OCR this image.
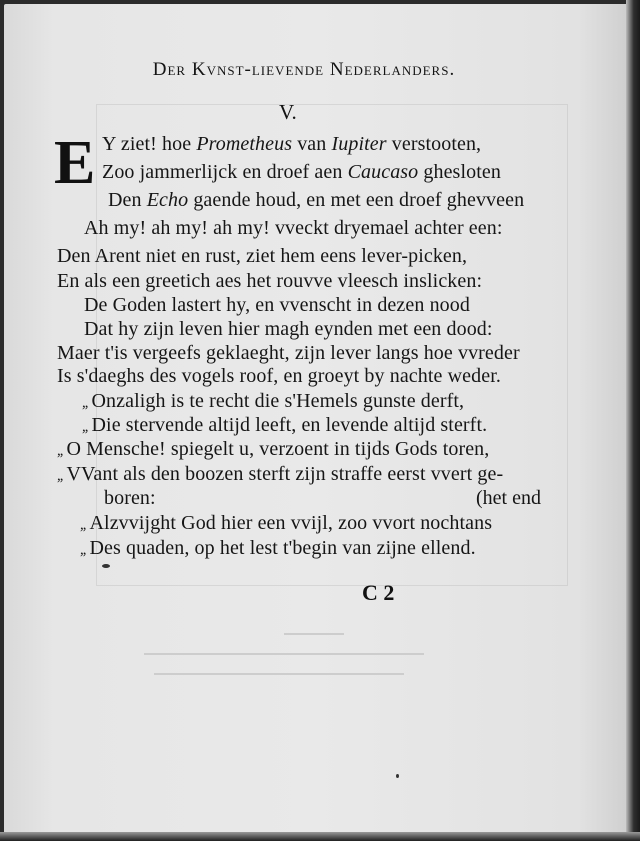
Der Kvnst-lievende Nederlanders.
V.
E Y ziet! hoe Prometheus van Iupiter verstooten,
Zoo jammerlijck en droef aen Caucaso ghesloten
Den Echo gaende houd, en met een droef ghevveen
Ah my! ah my! ah my! vveckt dryemael achter een:
Den Arent niet en rust, ziet hem eens lever-picken,
En als een greetich aes het rouvve vleesch inslicken:
De Goden lastert hy, en vvenscht in dezen nood
Dat hy zijn leven hier magh eynden met een dood:
Maer t'is vergeefs geklaeght, zijn lever langs hoe vvreder
Is s'daeghs des vogels roof, en groeyt by nachte weder.
,, Onzaligh is te recht die s'Hemels gunste derft,
,, Die stervende altijd leeft, en levende altijd sterft.
,, O Mensche! spiegelt u, verzoent in tijds Gods toren,
,, VVant als den boozen sterft zijn straffe eerst vvert ge-
boren:	(het end
,, Alzvvijght God hier een vvijl, zoo vvort nochtans
,, Des quaden, op het lest t'begin van zijne ellend.
C 2
